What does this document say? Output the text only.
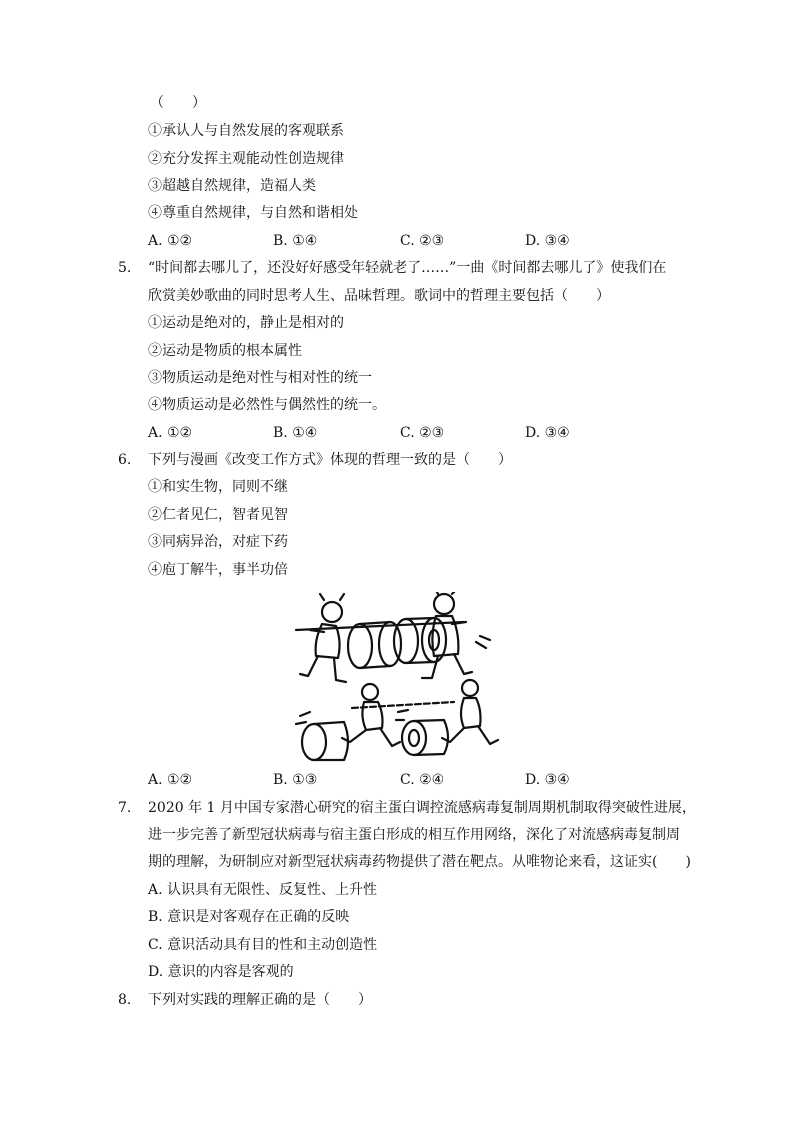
（　　）
①承认人与自然发展的客观联系
②充分发挥主观能动性创造规律
③超越自然规律，造福人类
④尊重自然规律，与自然和谐相处
A. ①②	B. ①④	C. ②③	D. ③④
5. “时间都去哪儿了，还没好好感受年轻就老了……”一曲《时间都去哪儿了》使我们在
欣赏美妙歌曲的同时思考人生、品味哲理。歌词中的哲理主要包括（　　）
①运动是绝对的，静止是相对的
②运动是物质的根本属性
③物质运动是绝对性与相对性的统一
④物质运动是必然性与偶然性的统一。
A. ①②	B. ①④	C. ②③	D. ③④
6. 下列与漫画《改变工作方式》体现的哲理一致的是（　　）
①和实生物，同则不继
②仁者见仁，智者见智
③同病异治，对症下药
④庖丁解牛，事半功倍
A. ①②	B. ①③	C. ②④	D. ③④
7. 2020 年 1 月中国专家潜心研究的宿主蛋白调控流感病毒复制周期机制取得突破性进展，
进一步完善了新型冠状病毒与宿主蛋白形成的相互作用网络，深化了对流感病毒复制周
期的理解，为研制应对新型冠状病毒药物提供了潜在靶点。从唯物论来看，这证实(　　)
A. 认识具有无限性、反复性、上升性
B. 意识是对客观存在正确的反映
C. 意识活动具有目的性和主动创造性
D. 意识的内容是客观的
8. 下列对实践的理解正确的是（　　）
